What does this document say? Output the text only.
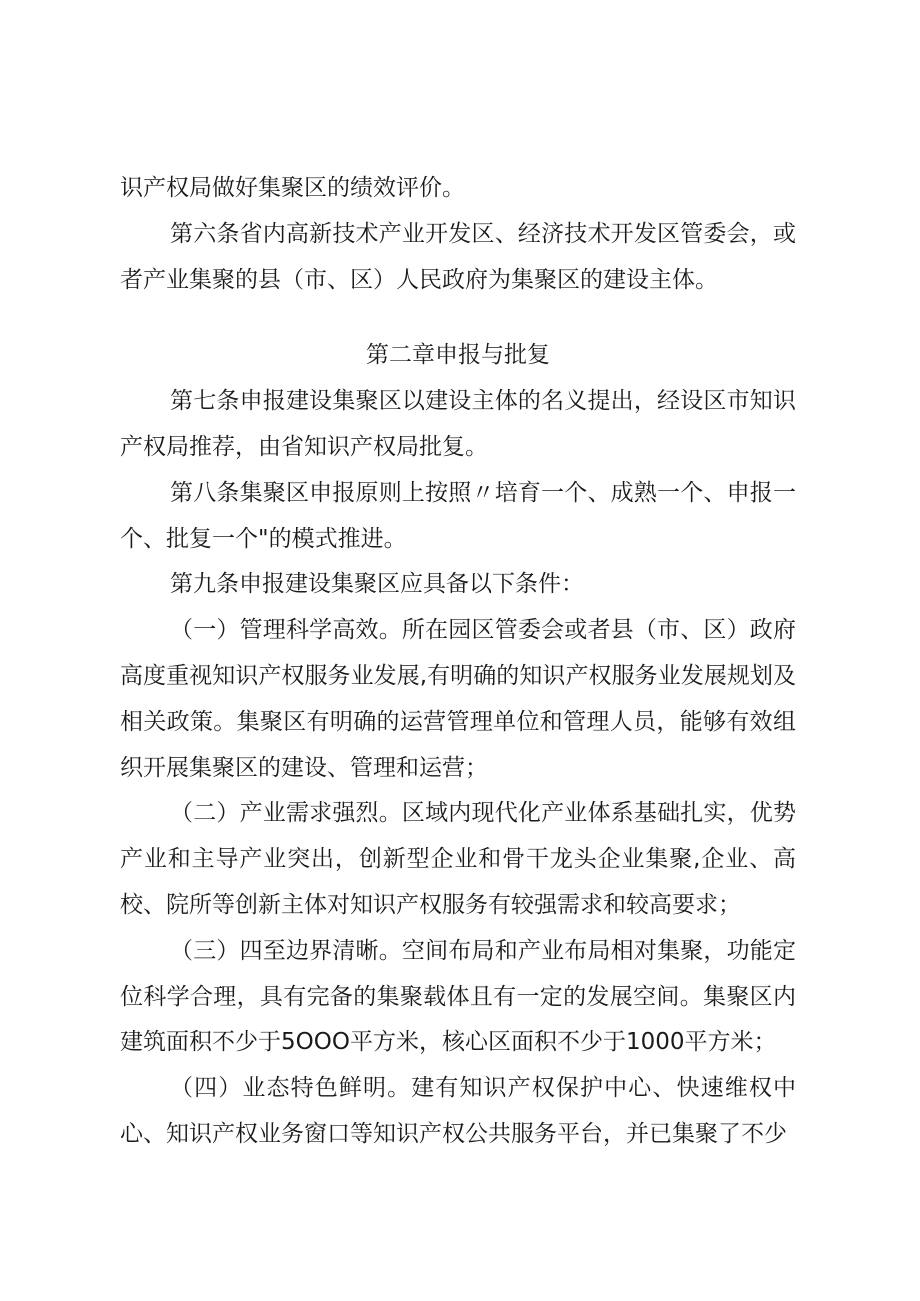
识产权局做好集聚区的绩效评价。

第六条省内高新技术产业开发区、经济技术开发区管委会，或者产业集聚的县（市、区）人民政府为集聚区的建设主体。

第二章申报与批复

第七条申报建设集聚区以建设主体的名义提出，经设区市知识产权局推荐，由省知识产权局批复。

第八条集聚区申报原则上按照〃培育一个、成熟一个、申报一个、批复一个"的模式推进。

第九条申报建设集聚区应具备以下条件：

（一）管理科学高效。所在园区管委会或者县（市、区）政府高度重视知识产权服务业发展,有明确的知识产权服务业发展规划及相关政策。集聚区有明确的运营管理单位和管理人员，能够有效组织开展集聚区的建设、管理和运营；

（二）产业需求强烈。区域内现代化产业体系基础扎实，优势产业和主导产业突出，创新型企业和骨干龙头企业集聚,企业、高校、院所等创新主体对知识产权服务有较强需求和较高要求；

（三）四至边界清晰。空间布局和产业布局相对集聚，功能定位科学合理，具有完备的集聚载体且有一定的发展空间。集聚区内建筑面积不少于5OOO平方米，核心区面积不少于1000平方米；

（四）业态特色鲜明。建有知识产权保护中心、快速维权中心、知识产权业务窗口等知识产权公共服务平台，并已集聚了不少
